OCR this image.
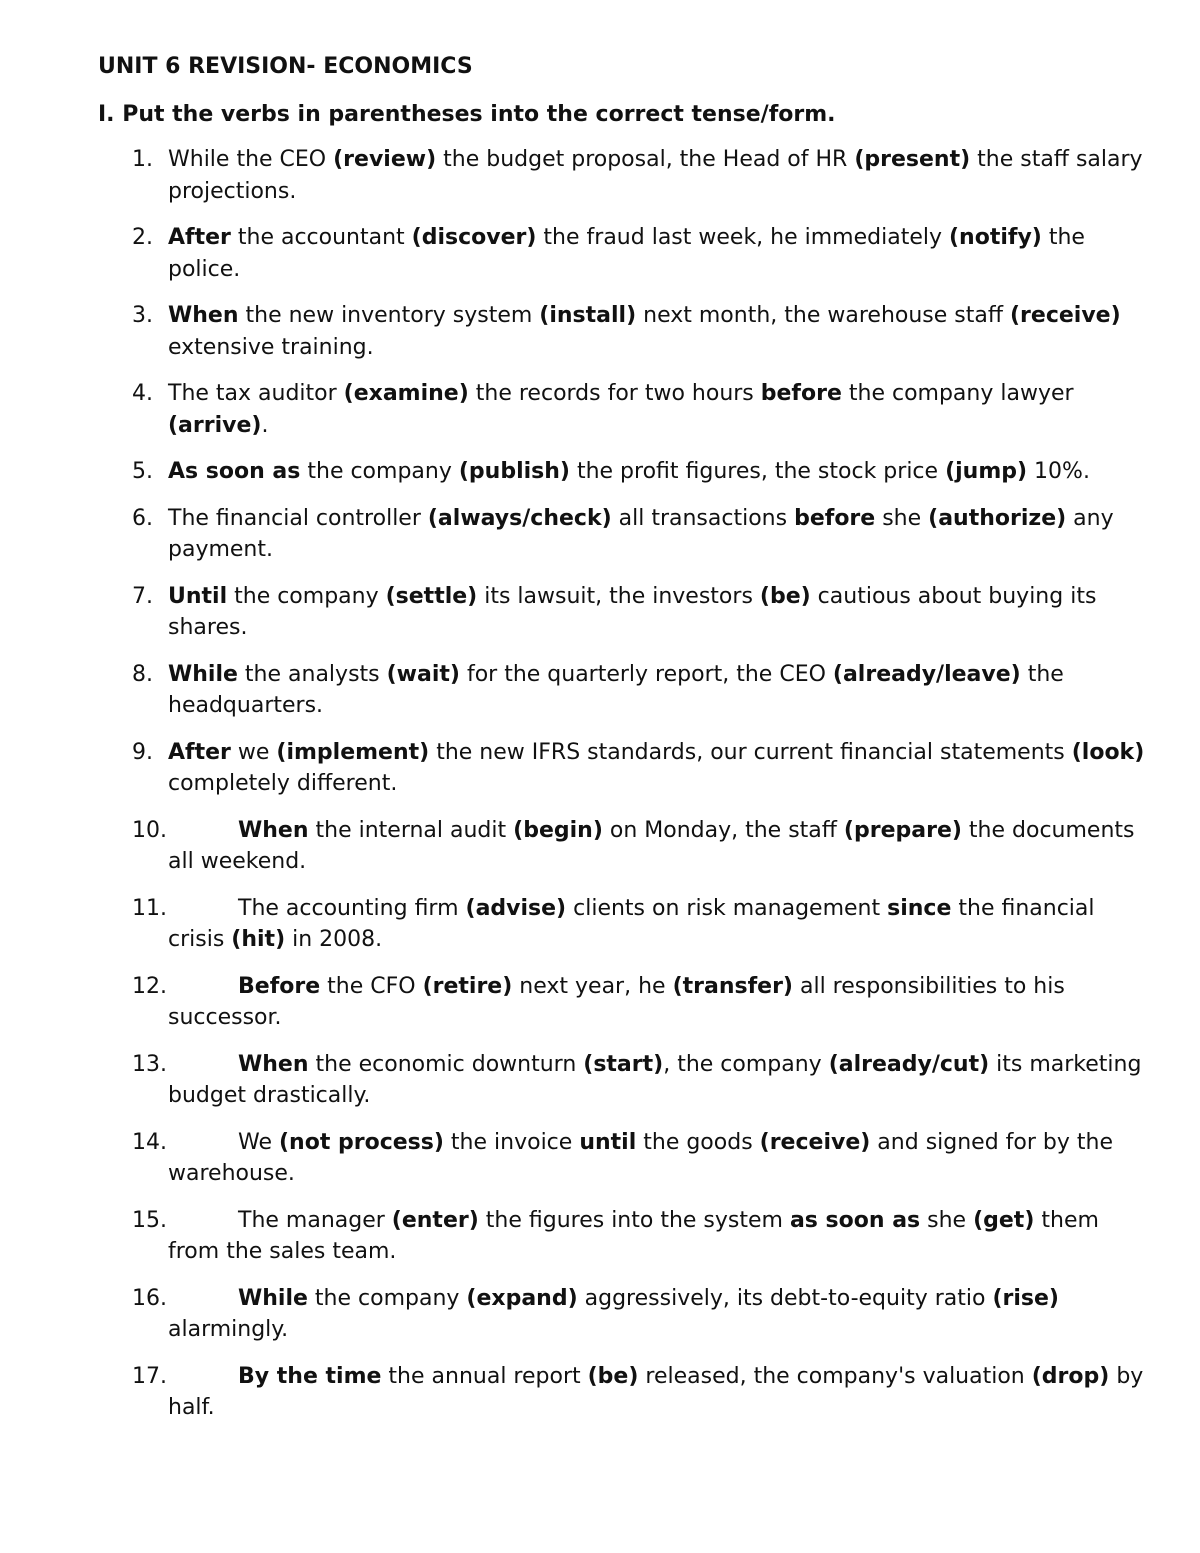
UNIT 6 REVISION- ECONOMICS
I. Put the verbs in parentheses into the correct tense/form.
1. While the CEO (review) the budget proposal, the Head of HR (present) the staff salary projections.
2. After the accountant (discover) the fraud last week, he immediately (notify) the police.
3. When the new inventory system (install) next month, the warehouse staff (receive) extensive training.
4. The tax auditor (examine) the records for two hours before the company lawyer (arrive).
5. As soon as the company (publish) the profit figures, the stock price (jump) 10%.
6. The financial controller (always/check) all transactions before she (authorize) any payment.
7. Until the company (settle) its lawsuit, the investors (be) cautious about buying its shares.
8. While the analysts (wait) for the quarterly report, the CEO (already/leave) the headquarters.
9. After we (implement) the new IFRS standards, our current financial statements (look) completely different.
10.	When the internal audit (begin) on Monday, the staff (prepare) the documents all weekend.
11.	The accounting firm (advise) clients on risk management since the financial crisis (hit) in 2008.
12.	Before the CFO (retire) next year, he (transfer) all responsibilities to his successor.
13.	When the economic downturn (start), the company (already/cut) its marketing budget drastically.
14.	We (not process) the invoice until the goods (receive) and signed for by the warehouse.
15.	The manager (enter) the figures into the system as soon as she (get) them from the sales team.
16.	While the company (expand) aggressively, its debt-to-equity ratio (rise) alarmingly.
17.	By the time the annual report (be) released, the company's valuation (drop) by half.
